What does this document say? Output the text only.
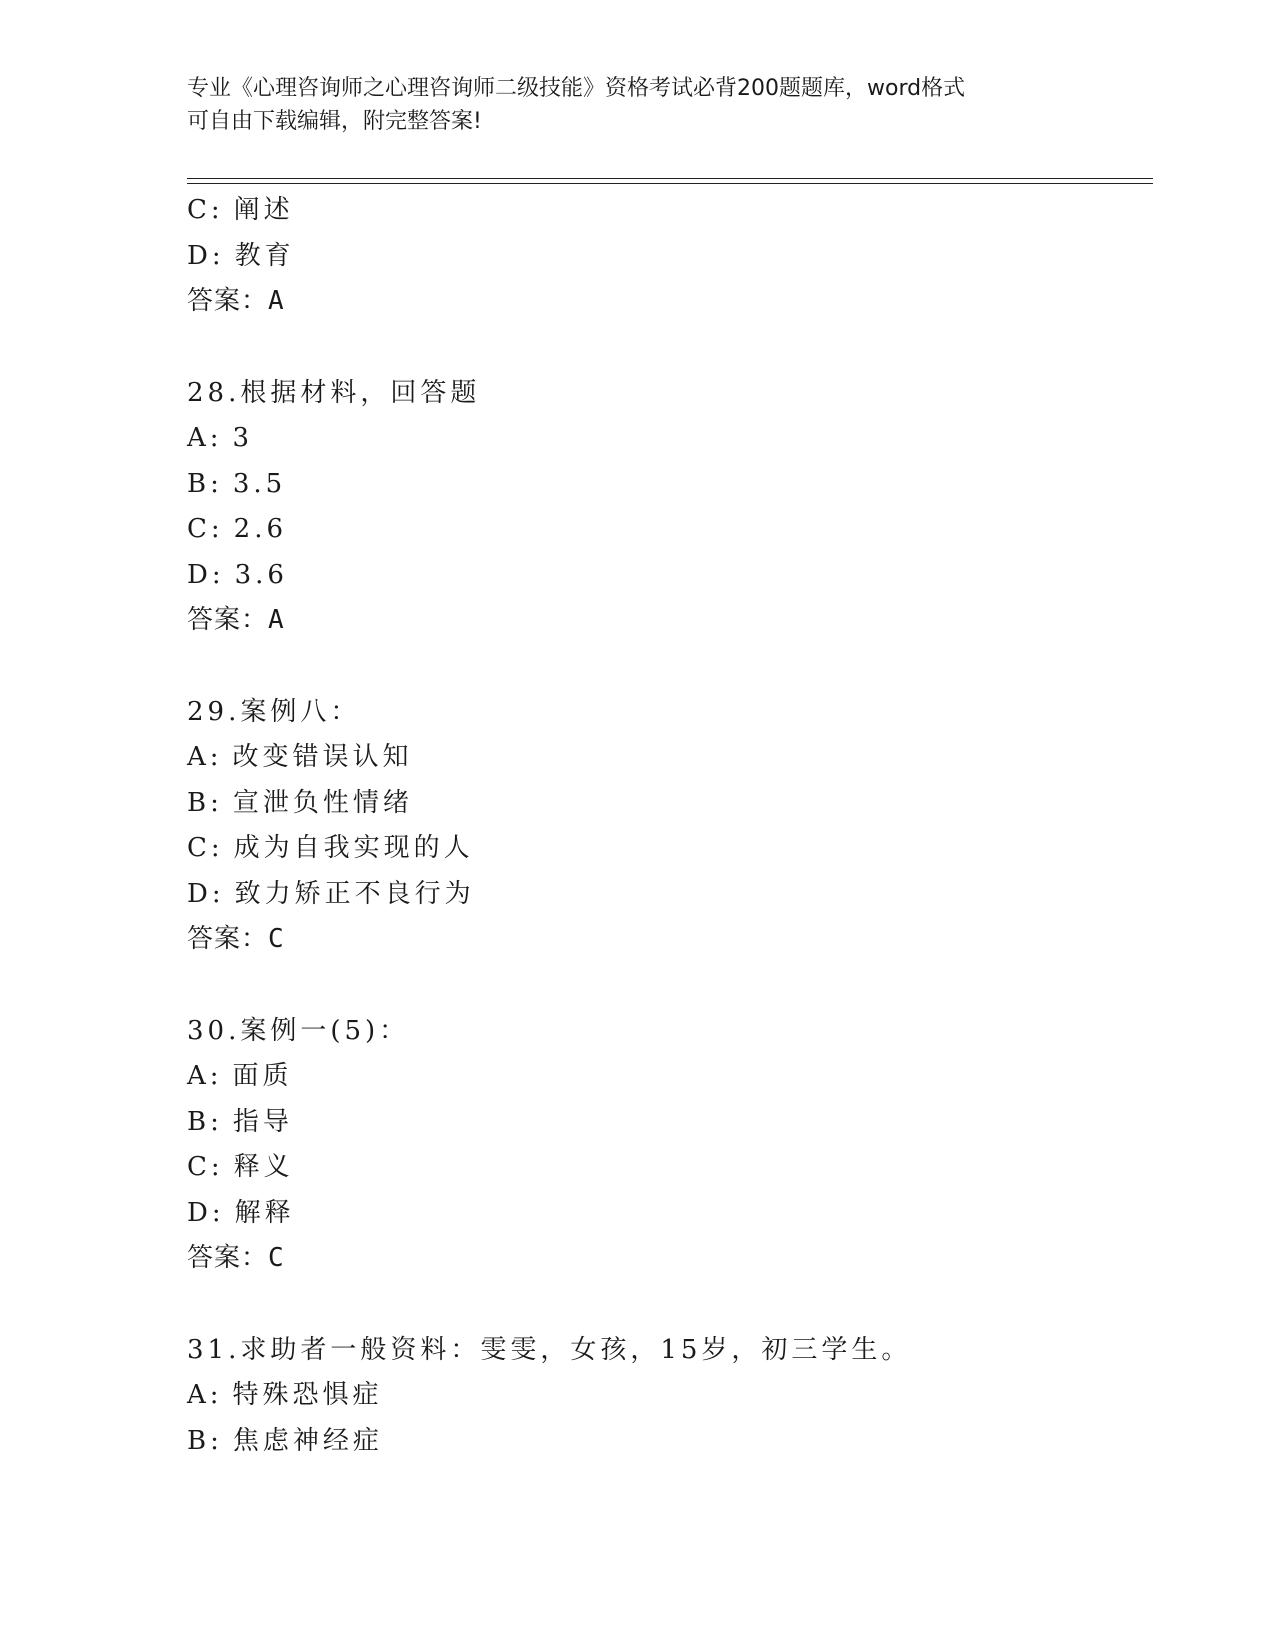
专业《心理咨询师之心理咨询师二级技能》资格考试必背200题题库，word格式
可自由下载编辑，附完整答案!
C: 阐述
D: 教育
答案：A
28.根据材料，回答题
A: 3
B: 3.5
C: 2.6
D: 3.6
答案：A
29.案例八：
A: 改变错误认知
B: 宣泄负性情绪
C: 成为自我实现的人
D: 致力矫正不良行为
答案：C
30.案例一(5)：
A: 面质
B: 指导
C: 释义
D: 解释
答案：C
31.求助者一般资料：雯雯，女孩，15岁，初三学生。
A: 特殊恐惧症
B: 焦虑神经症
